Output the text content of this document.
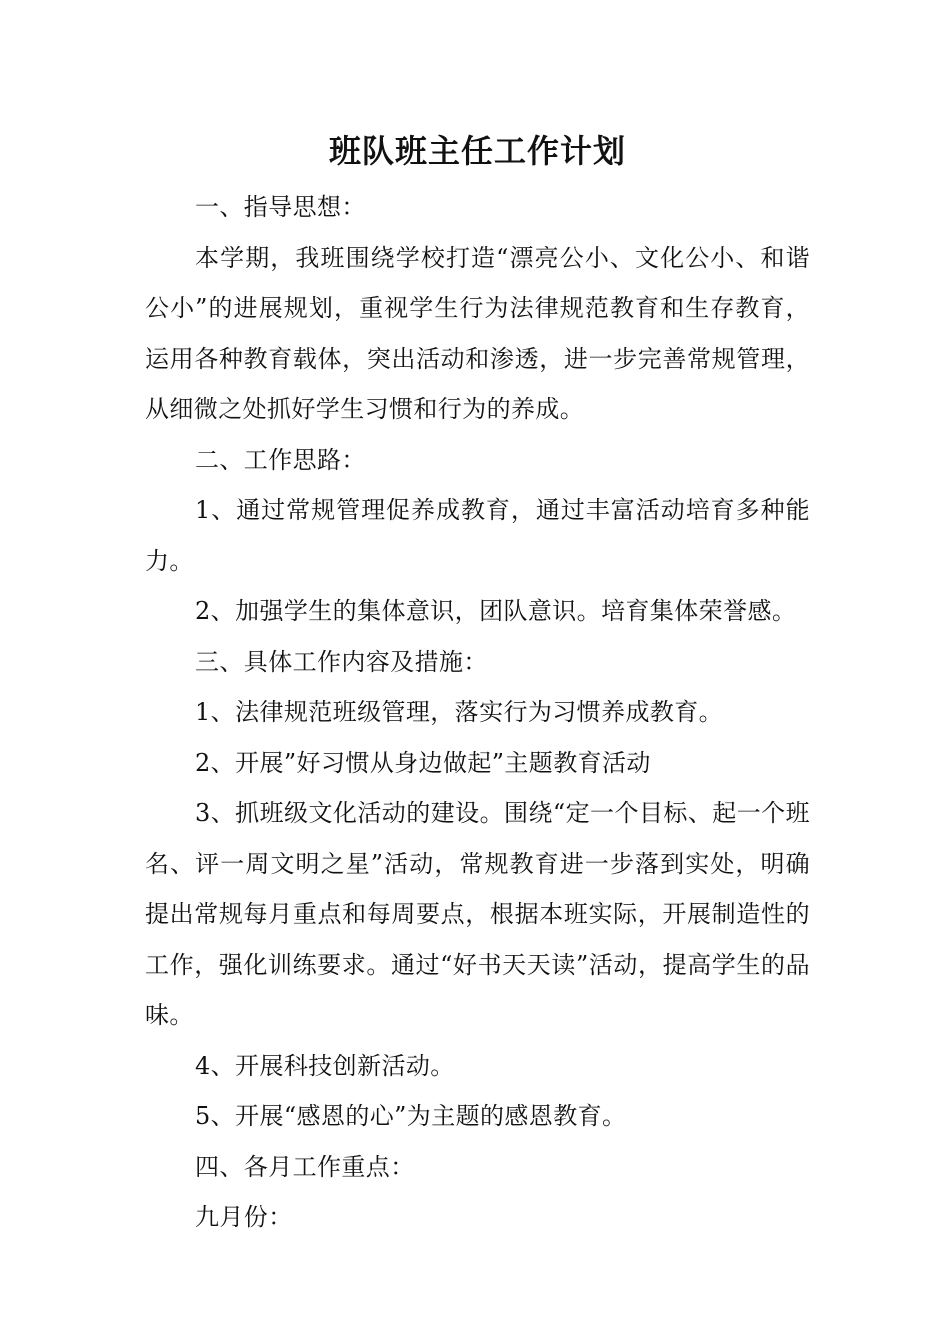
班队班主任工作计划

一、指导思想：

本学期，我班围绕学校打造“漂亮公小、文化公小、和谐公小”的进展规划，重视学生行为法律规范教育和生存教育，运用各种教育载体，突出活动和渗透，进一步完善常规管理，从细微之处抓好学生习惯和行为的养成。

二、工作思路：

1、通过常规管理促养成教育，通过丰富活动培育多种能力。

2、加强学生的集体意识，团队意识。培育集体荣誉感。

三、具体工作内容及措施：

1、法律规范班级管理，落实行为习惯养成教育。

2、开展”好习惯从身边做起”主题教育活动

3、抓班级文化活动的建设。围绕“定一个目标、起一个班名、评一周文明之星”活动，常规教育进一步落到实处，明确提出常规每月重点和每周要点，根据本班实际，开展制造性的工作，强化训练要求。通过“好书天天读”活动，提高学生的品味。

4、开展科技创新活动。

5、开展“感恩的心”为主题的感恩教育。

四、各月工作重点：

九月份：
